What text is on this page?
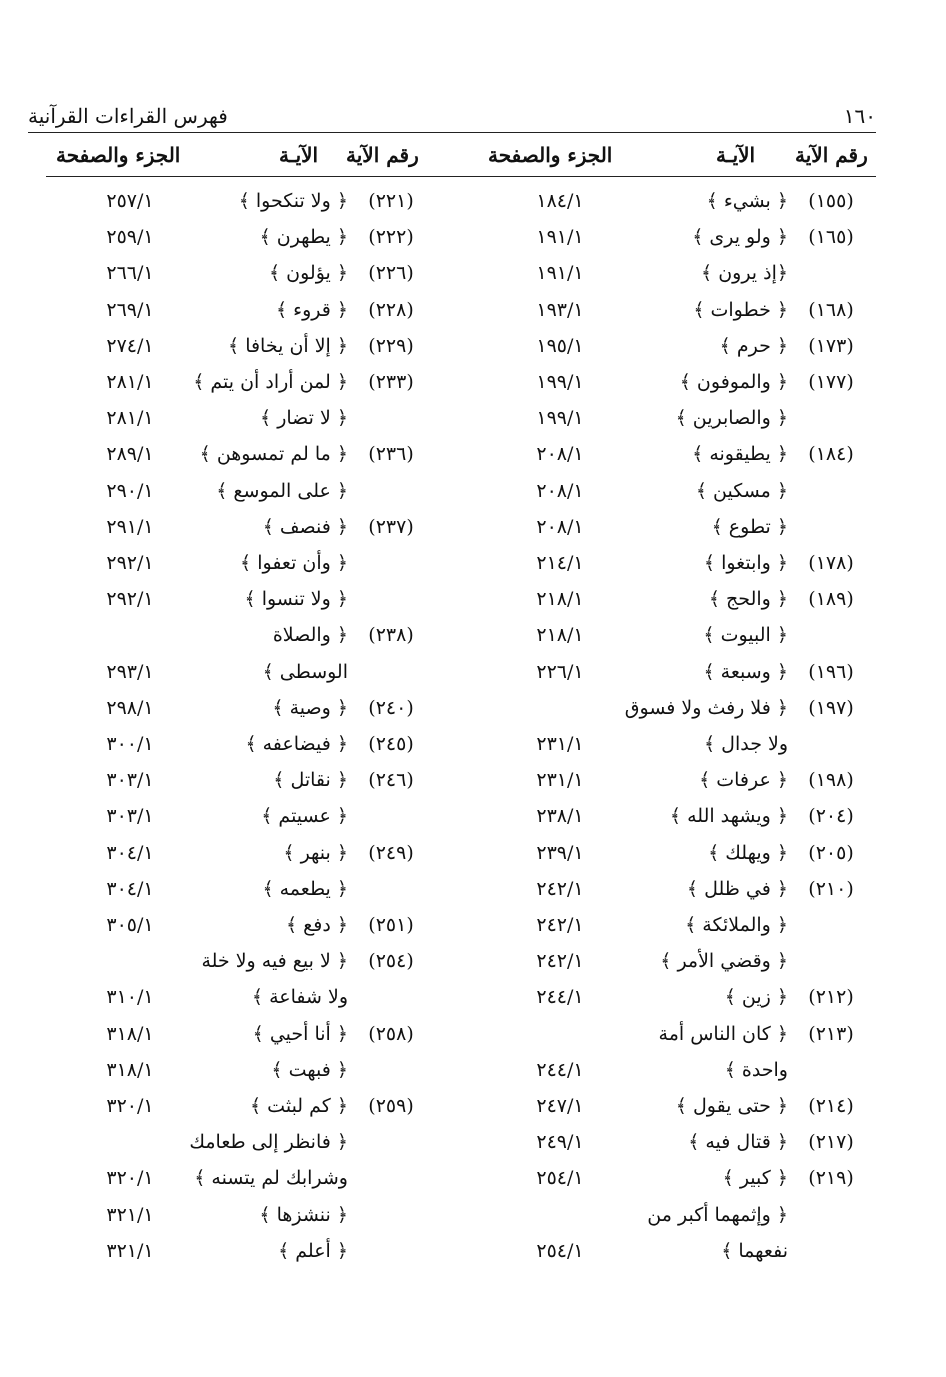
فهرس القراءات القرآنية	١٦٠
رقم الآية
الآيـة
الجزء والصفحة
رقم الآية
الآيـة
الجزء والصفحة
(١٥٥)
﴿ بشيء ﴾
١٨٤/١
(١٦٥)
﴿ ولو يرى ﴾
١٩١/١
﴿إذ يرون ﴾
١٩١/١
(١٦٨)
﴿ خطوات ﴾
١٩٣/١
(١٧٣)
﴿ حرم ﴾
١٩٥/١
(١٧٧)
﴿ والموفون ﴾
١٩٩/١
﴿ والصابرين ﴾
١٩٩/١
(١٨٤)
﴿ يطيقونه ﴾
٢٠٨/١
﴿ مسكين ﴾
٢٠٨/١
﴿ تطوع ﴾
٢٠٨/١
(١٧٨)
﴿ وابتغوا ﴾
٢١٤/١
(١٨٩)
﴿ والحج ﴾
٢١٨/١
﴿ البيوت ﴾
٢١٨/١
(١٩٦)
﴿ وسبعة ﴾
٢٢٦/١
(١٩٧)
﴿ فلا رفث ولا فسوق
ولا جدال ﴾
٢٣١/١
(١٩٨)
﴿ عرفات ﴾
٢٣١/١
(٢٠٤)
﴿ ويشهد الله ﴾
٢٣٨/١
(٢٠٥)
﴿ ويهلك ﴾
٢٣٩/١
(٢١٠)
﴿ في ظلل ﴾
٢٤٢/١
﴿ والملائكة ﴾
٢٤٢/١
﴿ وقضي الأمر ﴾
٢٤٢/١
(٢١٢)
﴿ زين ﴾
٢٤٤/١
(٢١٣)
﴿ كان الناس أمة
واحدة ﴾
٢٤٤/١
(٢١٤)
﴿ حتى يقول ﴾
٢٤٧/١
(٢١٧)
﴿ قتال فيه ﴾
٢٤٩/١
(٢١٩)
﴿ كبير ﴾
٢٥٤/١
﴿ وإثمهما أكبر من
نفعهما ﴾
٢٥٤/١
(٢٢١)
﴿ ولا تنكحوا ﴾
٢٥٧/١
(٢٢٢)
﴿ يطهرن ﴾
٢٥٩/١
(٢٢٦)
﴿ يؤلون ﴾
٢٦٦/١
(٢٢٨)
﴿ قروء ﴾
٢٦٩/١
(٢٢٩)
﴿ إلا أن يخافا ﴾
٢٧٤/١
(٢٣٣)
﴿ لمن أراد أن يتم ﴾
٢٨١/١
﴿ لا تضار ﴾
٢٨١/١
(٢٣٦)
﴿ ما لم تمسوهن ﴾
٢٨٩/١
﴿ على الموسع ﴾
٢٩٠/١
(٢٣٧)
﴿ فنصف ﴾
٢٩١/١
﴿ وأن تعفوا ﴾
٢٩٢/١
﴿ ولا تنسوا ﴾
٢٩٢/١
(٢٣٨)
﴿ والصلاة
الوسطى ﴾
٢٩٣/١
(٢٤٠)
﴿ وصية ﴾
٢٩٨/١
(٢٤٥)
﴿ فيضاعفه ﴾
٣٠٠/١
(٢٤٦)
﴿ نقاتل ﴾
٣٠٣/١
﴿ عسيتم ﴾
٣٠٣/١
(٢٤٩)
﴿ بنهر ﴾
٣٠٤/١
﴿ يطعمه ﴾
٣٠٤/١
(٢٥١)
﴿ دفع ﴾
٣٠٥/١
(٢٥٤)
﴿ لا بيع فيه ولا خلة
ولا شفاعة ﴾
٣١٠/١
(٢٥٨)
﴿ أنا أحيي ﴾
٣١٨/١
﴿ فبهت ﴾
٣١٨/١
(٢٥٩)
﴿ كم لبثت ﴾
٣٢٠/١
﴿ فانظر إلى طعامك
وشرابك لم يتسنه ﴾
٣٢٠/١
﴿ ننشزها ﴾
٣٢١/١
﴿ أعلم ﴾
٣٢١/١
